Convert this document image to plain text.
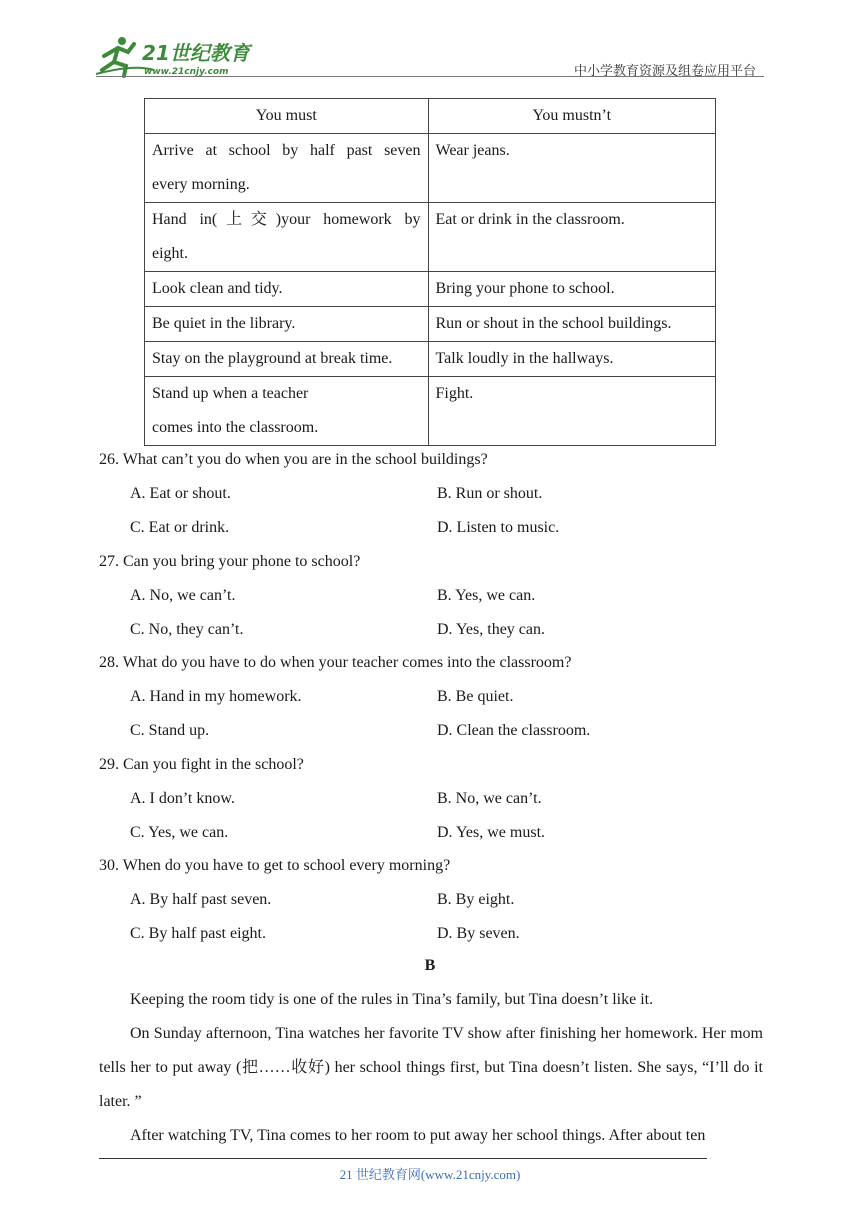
21世纪教育
www.21cnjy.com	中小学教育资源及组卷应用平台
You must	You mustn’t

Arrive at school by half past seven
every morning.	Wear jeans.

Hand in(上交)your homework by
eight.	Eat or drink in the classroom.

Look clean and tidy.	Bring your phone to school.

Be quiet in the library.	Run or shout in the school buildings.

Stay on the playground at break time.	Talk loudly in the hallways.

Stand up when a teacher
comes into the classroom.	Fight.
26. What can’t you do when you are in the school buildings?
A. Eat or shout.	B. Run or shout.
C. Eat or drink.	D. Listen to music.
27. Can you bring your phone to school?
A. No, we can’t.	B. Yes, we can.
C. No, they can’t.	D. Yes, they can.
28. What do you have to do when your teacher comes into the classroom?
A. Hand in my homework.	B. Be quiet.
C. Stand up.	D. Clean the classroom.
29. Can you fight in the school?
A. I don’t know.	B. No, we can’t.
C. Yes, we can.	D. Yes, we must.
30. When do you have to get to school every morning?
A. By half past seven.	B. By eight.
C. By half past eight.	D. By seven.
B
Keeping the room tidy is one of the rules in Tina’s family, but Tina doesn’t like it.
On Sunday afternoon, Tina watches her favorite TV show after finishing her homework. Her mom tells her to put away (把……收好) her school things first, but Tina doesn’t listen. She says, “I’ll do it later. ”
After watching TV, Tina comes to her room to put away her school things. After about ten
21 世纪教育网(www.21cnjy.com)
